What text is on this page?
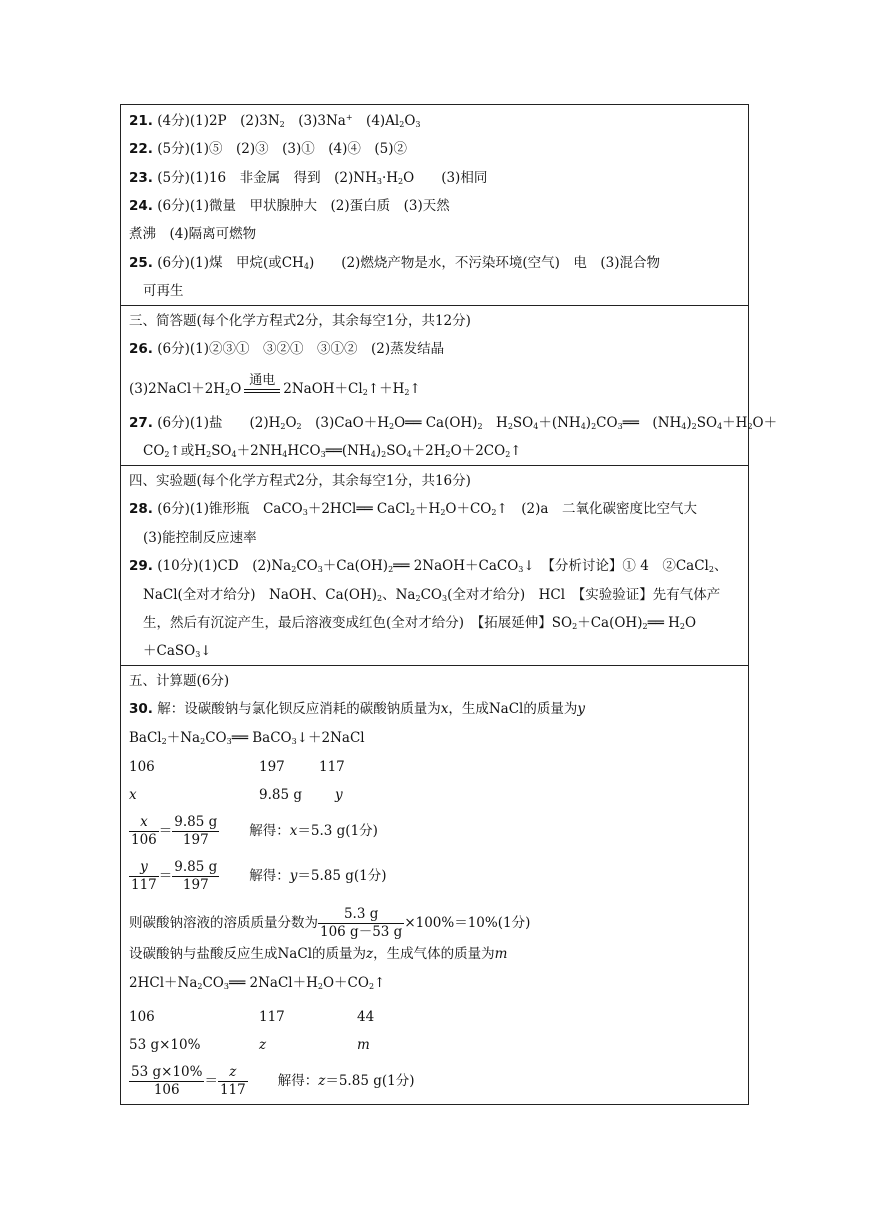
21. (4分)(1)2P　$(2)3N_2$　(3)3Na+　$(4)Al_2O_3$
22. (5分)(1)⑤　(2)③　(3)①　(4)④　(5)②
23. (5分)(1)16　非金属　得到　$(2)NH_3\cdot H_2O$　　(3)相同
24. (6分)(1)微量　甲状腺肿大　(2)蛋白质　(3)天然
煮沸　(4)隔离可燃物
25. (6分)(1)煤　甲烷(或$CH_4$)　　(2)燃烧产物是水，不污染环境(空气)　电　(3)混合物
可再生
三、简答题(每个化学方程式2分，其余每空1分，共12分)
26. (6分)(1)②③①　③②①　③①②　(2)蒸发结晶
$(3)2NaCl+2H_2O$
通电
$2NaOH+Cl_2↑+H_2↑$
27. (6分)(1)盐　　$(2)H_2O_2$　$(3)CaO+H_2O══$ $Ca(OH)_2$　$H_2SO_4+(NH_4)_2CO_3══$　$(NH_4)_2SO_4+H_2O+$
$CO_2↑$或$H_2SO_4+2NH_4HCO_3══(NH_4)_2SO_4+2H_2O+2CO_2↑$
四、实验题(每个化学方程式2分，其余每空1分，共16分)
28. (6分)(1)锥形瓶　CaCO$_3$＋2HCl══ $CaCl_2+H_2O+CO_2↑$　(2)a　二氧化碳密度比空气大
(3)能控制反应速率
29. (10分)(1)CD　$(2)Na_2CO_3+Ca(OH)_2══$ 2NaOH＋CaCO$_3$↓　【分析讨论】① 4　②CaCl$_2$、
NaCl(全对才给分)　NaOH、$Ca(OH)_2$、$Na_2CO_3$(全对才给分)　HCl　【实验验证】先有气体产
生，然后有沉淀产生，最后溶液变成红色(全对才给分)　【拓展延伸】$SO_2+Ca(OH)_2══$ $H_2O$
＋CaSO$_3$↓
五、计算题(6分)
30. 解：设碳酸钠与氯化钡反应消耗的碳酸钠质量为x，生成NaCl的质量为y
$BaCl_2+Na_2CO_3══$ BaCO$_3$↓＋2NaCl
106	197	117
x	9.85 g y
$\frac{x}{106} = \frac{9.85 g}{197}$ 解得：x＝5.3 g(1分)
$\frac{y}{117} = \frac{9.85 g}{197}$ 解得：y＝5.85 g(1分)
则碳酸钠溶液的溶质质量分数为 $\frac{5.3 g}{106 g-53 g} \times 100\%=10\%(1$分)
设碳酸钠与盐酸反应生成NaCl的质量为z，生成气体的质量为m
$2HCl+Na_2CO_3══$ $2NaCl+H_2O+CO_2↑$
106	117	44
53 g×10%	z	m
$\frac{53 g\times 10\%}{106} = \frac{z}{117}$ 解得：z＝5.85 g(1分)
